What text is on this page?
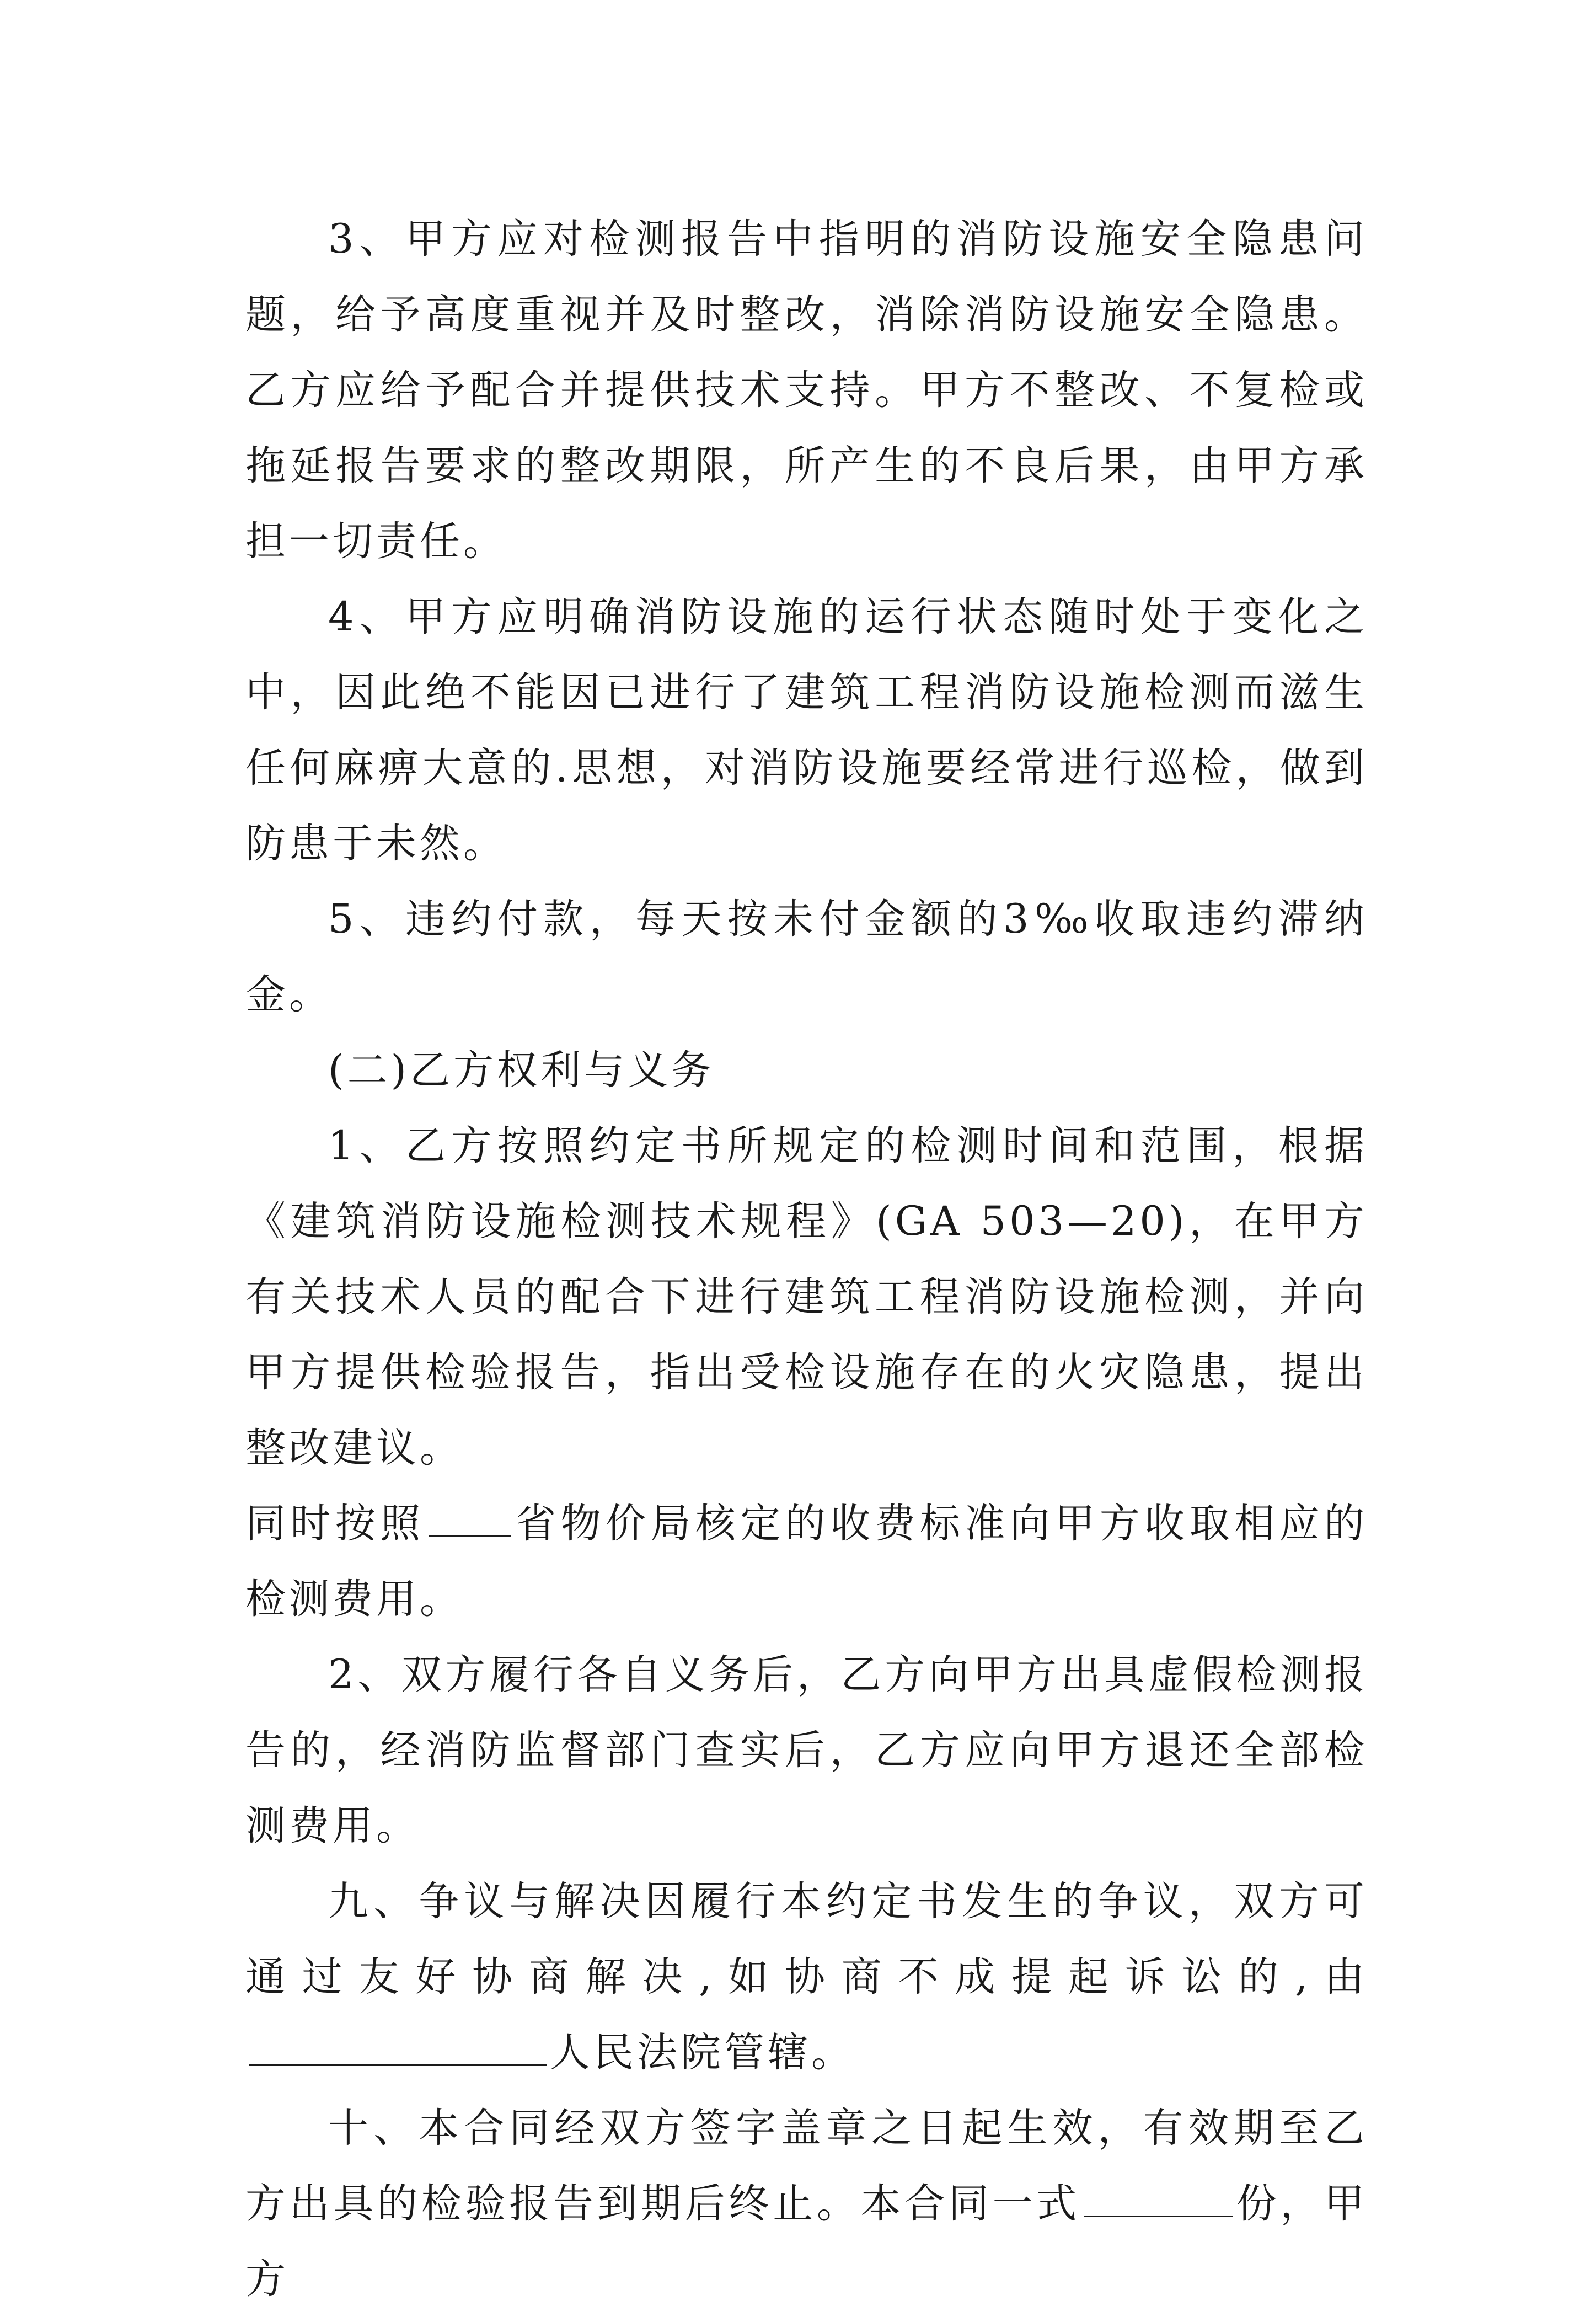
3、甲方应对检测报告中指明的消防设施安全隐患问题，给予高度重视并及时整改，消除消防设施安全隐患。乙方应给予配合并提供技术支持。甲方不整改、不复检或拖延报告要求的整改期限，所产生的不良后果，由甲方承担一切责任。

4、甲方应明确消防设施的运行状态随时处于变化之中，因此绝不能因已进行了建筑工程消防设施检测而滋生任何麻痹大意的.思想，对消防设施要经常进行巡检，做到防患于未然。

5、违约付款，每天按未付金额的3‰收取违约滞纳金。

(二)乙方权利与义务

1、乙方按照约定书所规定的检测时间和范围，根据《建筑消防设施检测技术规程》(GA 503—20)，在甲方有关技术人员的配合下进行建筑工程消防设施检测，并向甲方提供检验报告，指出受检设施存在的火灾隐患，提出整改建议。

同时按照 省物价局核定的收费标准向甲方收取相应的检测费用。

2、双方履行各自义务后，乙方向甲方出具虚假检测报告的，经消防监督部门查实后，乙方应向甲方退还全部检测费用。

九、争议与解决因履行本约定书发生的争议，双方可通过友好协商解决,如协商不成提起诉讼的,由人民法院管辖。

十、本合同经双方签字盖章之日起生效，有效期至乙方出具的检验报告到期后终止。本合同一式	份，甲方
